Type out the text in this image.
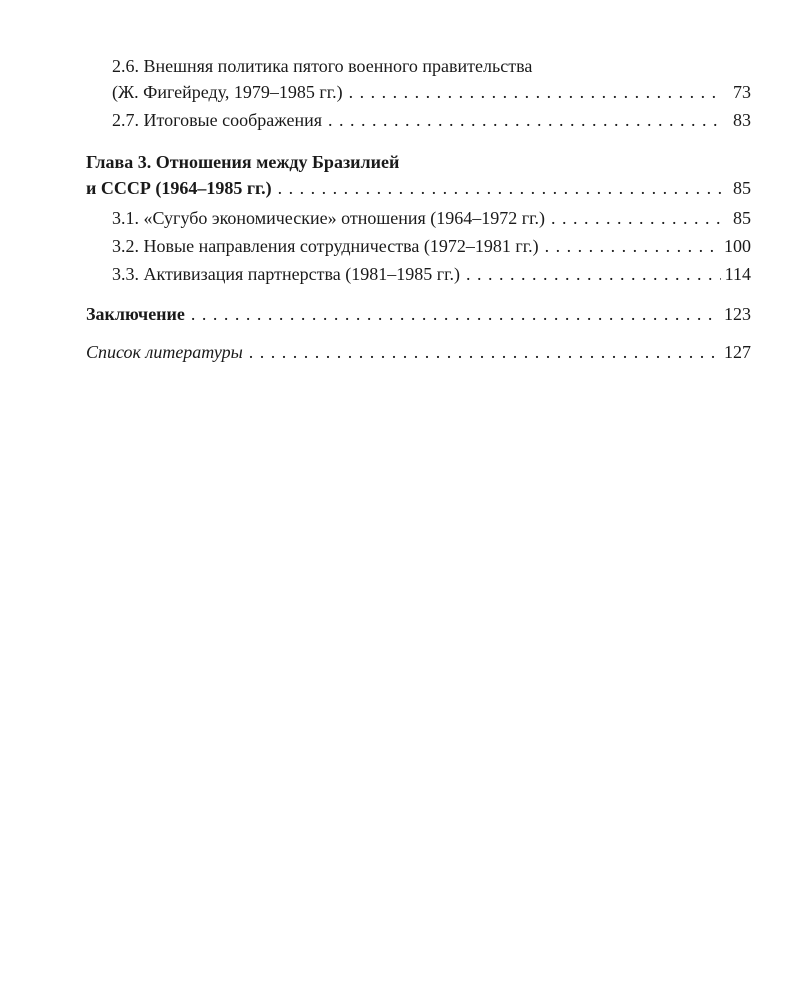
2.6. Внешняя политика пятого военного правительства
(Ж. Фигейреду, 1979–1985 гг.) . . .	73
2.7. Итоговые соображения . . .	83
Глава 3. Отношения между Бразилией
и СССР (1964–1985 гг.) . . .	85
3.1. «Сугубо экономические» отношения (1964–1972 гг.) . . .	85
3.2. Новые направления сотрудничества (1972–1981 гг.) . . .	100
3.3. Активизация партнерства (1981–1985 гг.) . . .	114
Заключение . . .	123
Список литературы . . .	127
